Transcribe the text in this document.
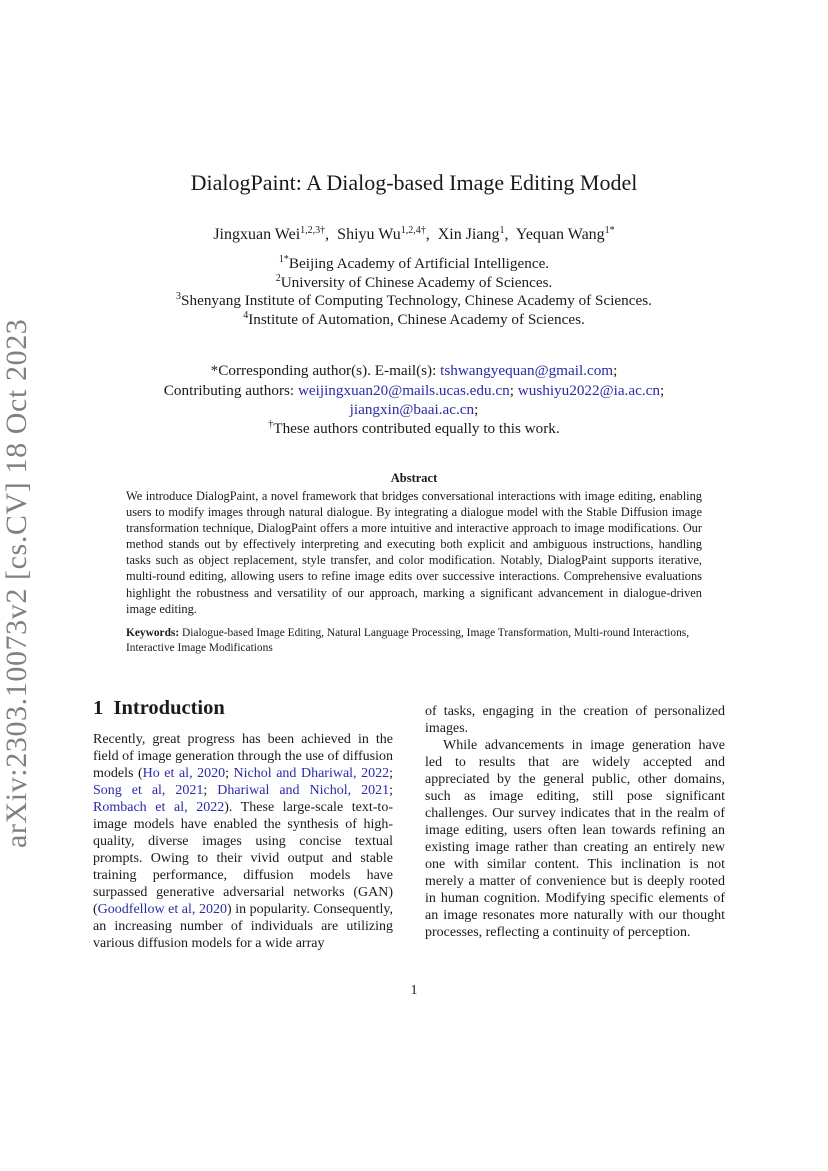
arXiv:2303.10073v2 [cs.CV] 18 Oct 2023
DialogPaint: A Dialog-based Image Editing Model
Jingxuan Wei$^{1,2,3\dagger}$,  Shiyu $Wu^{1,2,4\dagger}$,  Xin Jiang$^1$,  Yequan Wang$^{1*}$
$^{1*}$Beijing Academy of Artificial Intelligence.
$^2$University of Chinese Academy of Sciences.
$^3$Shenyang Institute of Computing Technology, Chinese Academy of Sciences.
$^4$Institute of Automation, Chinese Academy of Sciences.
*Corresponding author(s). E-mail(s): tshwangyequan@gmail.com;
Contributing authors: weijingxuan20@mails.ucas.edu.cn; wushiyu2022@ia.ac.cn;
jiangxin@baai.ac.cn;
†These authors contributed equally to this work.
Abstract
We introduce DialogPaint, a novel framework that bridges conversational interactions with image editing, enabling users to modify images through natural dialogue. By integrating a dialogue model with the Stable Diffusion image transformation technique, DialogPaint offers a more intuitive and interactive approach to image modifications. Our method stands out by effectively interpreting and executing both explicit and ambiguous instructions, handling tasks such as object replacement, style transfer, and color modification. Notably, DialogPaint supports iterative, multi-round editing, allowing users to refine image edits over successive interactions. Comprehensive evaluations highlight the robustness and versatility of our approach, marking a significant advancement in dialogue-driven image editing.
Keywords: Dialogue-based Image Editing, Natural Language Processing, Image Transformation, Multi-round Interactions, Interactive Image Modifications
1 Introduction

Recently, great progress has been achieved in the field of image generation through the use of diffusion models (Ho et al, 2020; Nichol and Dhariwal, 2022; Song et al, 2021; Dhariwal and Nichol, 2021; Rombach et al, 2022). These large-scale text-to-image models have enabled the synthesis of high-quality, diverse images using concise textual prompts. Owing to their vivid output and stable training performance, diffusion models have surpassed generative adversarial networks (GAN) (Goodfellow et al, 2020) in popularity. Consequently, an increasing number of individuals are utilizing various diffusion models for a wide array

of tasks, engaging in the creation of personalized images.

While advancements in image generation have led to results that are widely accepted and appreciated by the general public, other domains, such as image editing, still pose significant challenges. Our survey indicates that in the realm of image editing, users often lean towards refining an existing image rather than creating an entirely new one with similar content. This inclination is not merely a matter of convenience but is deeply rooted in human cognition. Modifying specific elements of an image resonates more naturally with our thought processes, reflecting a continuity of perception.

1
